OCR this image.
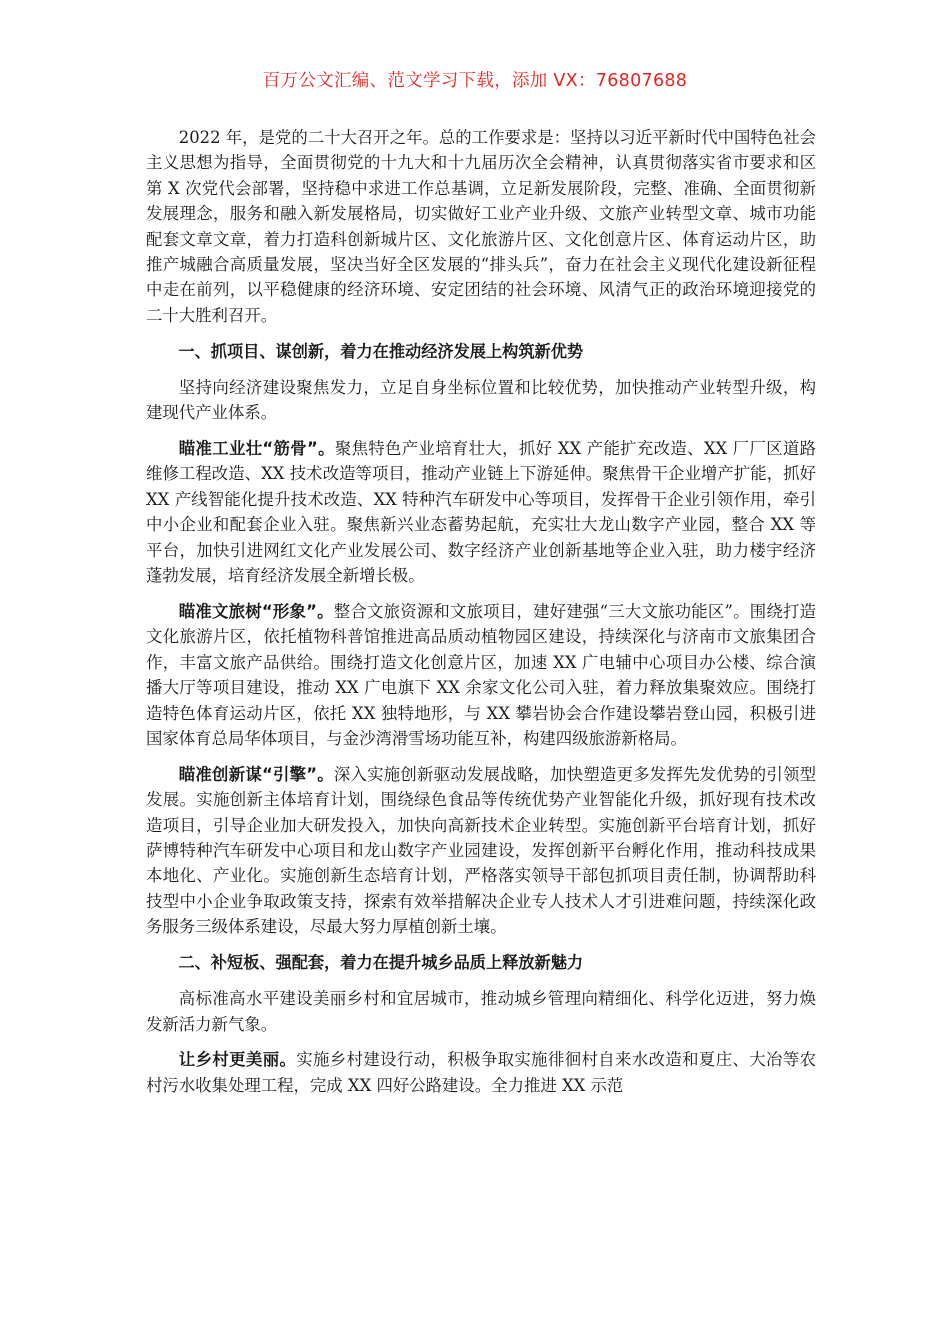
百万公文汇编、范文学习下载，添加 VX：76807688

2022 年，是党的二十大召开之年。总的工作要求是：坚持以习近平新时代中国特色社会主义思想为指导，全面贯彻党的十九大和十九届历次全会精神，认真贯彻落实省市要求和区第 X 次党代会部署，坚持稳中求进工作总基调，立足新发展阶段，完整、准确、全面贯彻新发展理念，服务和融入新发展格局，切实做好工业产业升级、文旅产业转型文章、城市功能配套文章文章，着力打造科创新城片区、文化旅游片区、文化创意片区、体育运动片区，助推产城融合高质量发展，坚决当好全区发展的“排头兵”，奋力在社会主义现代化建设新征程中走在前列，以平稳健康的经济环境、安定团结的社会环境、风清气正的政治环境迎接党的二十大胜利召开。

一、抓项目、谋创新，着力在推动经济发展上构筑新优势

坚持向经济建设聚焦发力，立足自身坐标位置和比较优势，加快推动产业转型升级，构建现代产业体系。

瞄准工业壮“筋骨”。聚焦特色产业培育壮大，抓好 XX 产能扩充改造、XX 厂厂区道路维修工程改造、XX 技术改造等项目，推动产业链上下游延伸。聚焦骨干企业增产扩能，抓好 XX 产线智能化提升技术改造、XX 特种汽车研发中心等项目，发挥骨干企业引领作用，牵引中小企业和配套企业入驻。聚焦新兴业态蓄势起航，充实壮大龙山数字产业园，整合 XX 等平台，加快引进网红文化产业发展公司、数字经济产业创新基地等企业入驻，助力楼宇经济蓬勃发展，培育经济发展全新增长极。

瞄准文旅树“形象”。整合文旅资源和文旅项目，建好建强“三大文旅功能区”。围绕打造文化旅游片区，依托植物科普馆推进高品质动植物园区建设，持续深化与济南市文旅集团合作，丰富文旅产品供给。围绕打造文化创意片区，加速 XX 广电辅中心项目办公楼、综合演播大厅等项目建设，推动 XX 广电旗下 XX 余家文化公司入驻，着力释放集聚效应。围绕打造特色体育运动片区，依托 XX 独特地形，与 XX 攀岩协会合作建设攀岩登山园，积极引进国家体育总局华体项目，与金沙湾滑雪场功能互补，构建四级旅游新格局。

瞄准创新谋“引擎”。深入实施创新驱动发展战略，加快塑造更多发挥先发优势的引领型发展。实施创新主体培育计划，围绕绿色食品等传统优势产业智能化升级，抓好现有技术改造项目，引导企业加大研发投入，加快向高新技术企业转型。实施创新平台培育计划，抓好萨博特种汽车研发中心项目和龙山数字产业园建设，发挥创新平台孵化作用，推动科技成果本地化、产业化。实施创新生态培育计划，严格落实领导干部包抓项目责任制，协调帮助科技型中小企业争取政策支持，探索有效举措解决企业专人技术人才引进难问题，持续深化政务服务三级体系建设，尽最大努力厚植创新土壤。

二、补短板、强配套，着力在提升城乡品质上释放新魅力

高标准高水平建设美丽乡村和宜居城市，推动城乡管理向精细化、科学化迈进，努力焕发新活力新气象。

让乡村更美丽。实施乡村建设行动，积极争取实施徘徊村自来水改造和夏庄、大冶等农村污水收集处理工程，完成 XX 四好公路建设。全力推进 XX 示范
